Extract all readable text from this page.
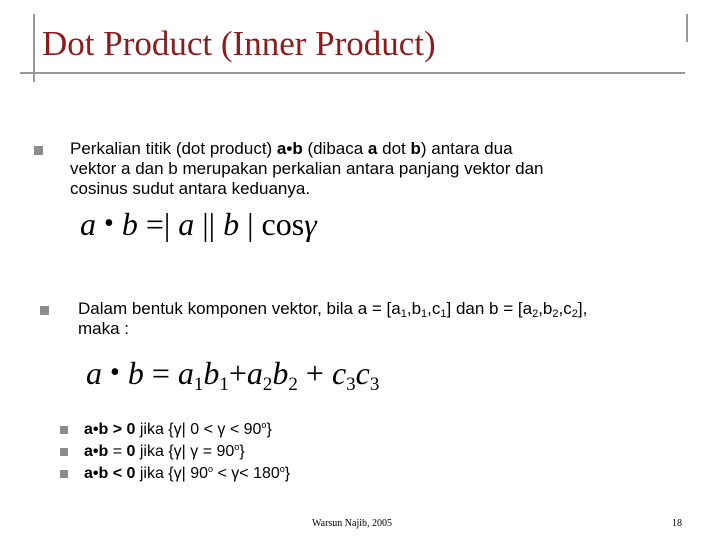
Dot Product (Inner Product)
Perkalian titik (dot product) a•b (dibaca a dot b) antara dua
vektor a dan b merupakan perkalian antara panjang vektor dan
cosinus sudut antara keduanya.
a • b =| a || b | cosγ
Dalam bentuk komponen vektor, bila $a = [a_1,b_1,c_1]$ dan $b = [a_2,b_2,c_2]$,
maka :
a • $b = a_1b_1+a_2b_2 + c_3c_3$
a•b > 0 jika {γ| $0 < \gamma < 90^o$}
a•b = 0 jika {γ| $\gamma = 90^o$}
a•b < 0 jika {γ| $90^o < \gamma< 180^o$}
Warsun Najib, 2005	18
